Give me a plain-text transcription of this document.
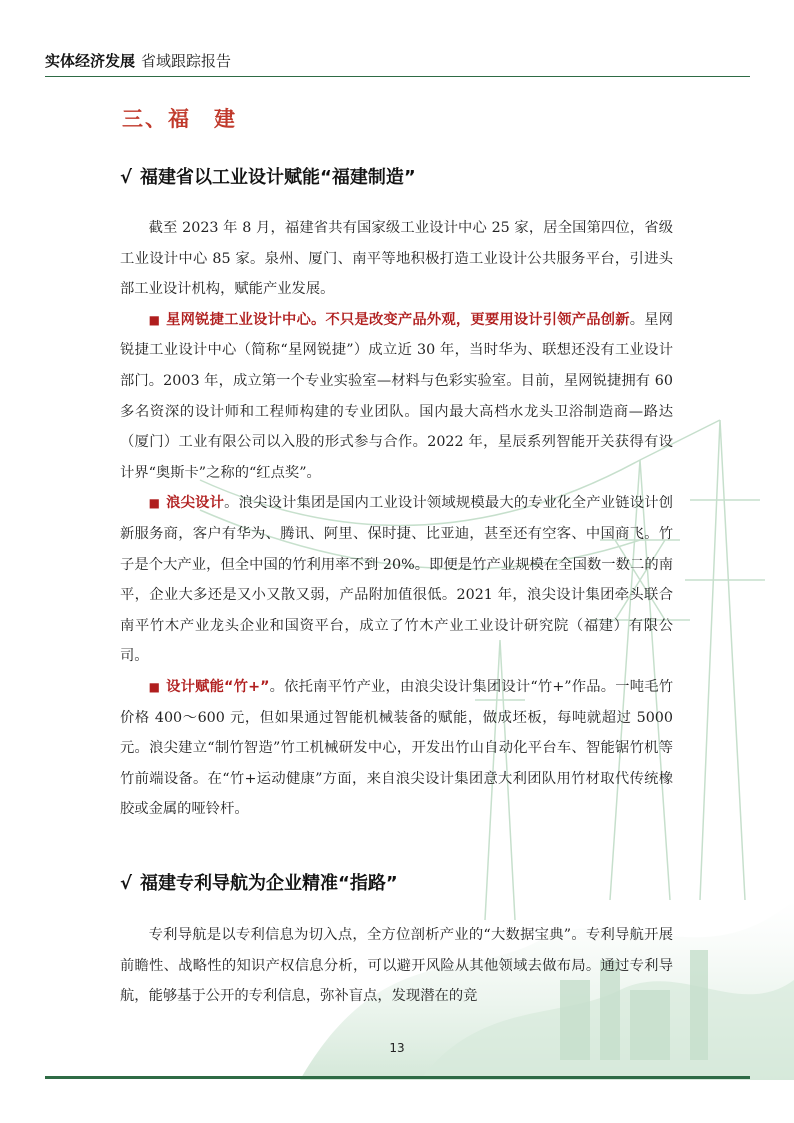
实体经济发展 省域跟踪报告
三、福　建
√ 福建省以工业设计赋能“福建制造”

截至 2023 年 8 月，福建省共有国家级工业设计中心 25 家，居全国第四位，省级工业设计中心 85 家。泉州、厦门、南平等地积极打造工业设计公共服务平台，引进头部工业设计机构，赋能产业发展。

■ 星网锐捷工业设计中心。不只是改变产品外观，更要用设计引领产品创新。星网锐捷工业设计中心（简称“星网锐捷”）成立近 30 年，当时华为、联想还没有工业设计部门。2003 年，成立第一个专业实验室—材料与色彩实验室。目前，星网锐捷拥有 60 多名资深的设计师和工程师构建的专业团队。国内最大高档水龙头卫浴制造商—路达（厦门）工业有限公司以入股的形式参与合作。2022 年，星辰系列智能开关获得有设计界“奥斯卡”之称的“红点奖”。

■ 浪尖设计。浪尖设计集团是国内工业设计领域规模最大的专业化全产业链设计创新服务商，客户有华为、腾讯、阿里、保时捷、比亚迪，甚至还有空客、中国商飞。竹子是个大产业，但全中国的竹利用率不到 20%。即便是竹产业规模在全国数一数二的南平，企业大多还是又小又散又弱，产品附加值很低。2021 年，浪尖设计集团牵头联合南平竹木产业龙头企业和国资平台，成立了竹木产业工业设计研究院（福建）有限公司。

■ 设计赋能“竹+”。依托南平竹产业，由浪尖设计集团设计“竹+”作品。一吨毛竹价格 400～600 元，但如果通过智能机械装备的赋能，做成坯板，每吨就超过 5000 元。浪尖建立“制竹智造”竹工机械研发中心，开发出竹山自动化平台车、智能锯竹机等竹前端设备。在“竹+运动健康”方面，来自浪尖设计集团意大利团队用竹材取代传统橡胶或金属的哑铃杆。

√ 福建专利导航为企业精准“指路”

专利导航是以专利信息为切入点，全方位剖析产业的“大数据宝典”。专利导航开展前瞻性、战略性的知识产权信息分析，可以避开风险从其他领域去做布局。通过专利导航，能够基于公开的专利信息，弥补盲点，发现潜在的竞

13
